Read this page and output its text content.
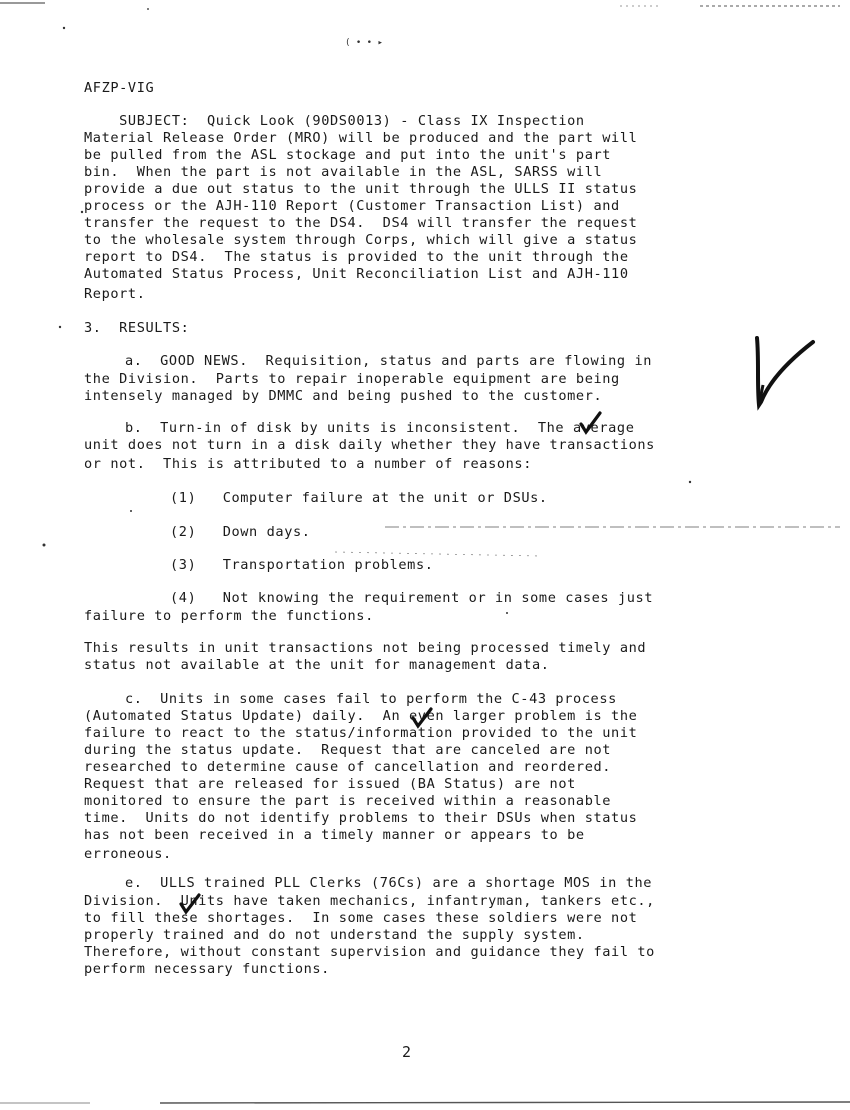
( • • ▸
AFZP-VIG

SUBJECT: Quick Look (90DS0013) - Class IX Inspection

Material Release Order (MRO) will be produced and the part will
be pulled from the ASL stockage and put into the unit's part
bin.  When the part is not available in the ASL, SARSS will
provide a due out status to the unit through the ULLS II status
process or the AJH-110 Report (Customer Transaction List) and
transfer the request to the DS4.  DS4 will transfer the request
to the wholesale system through Corps, which will give a status
report to DS4.  The status is provided to the unit through the
Automated Status Process, Unit Reconciliation List and AJH-110
Report.
3.  RESULTS:
a.  GOOD NEWS.  Requisition, status and parts are flowing in
the Division.  Parts to repair inoperable equipment are being
intensely managed by DMMC and being pushed to the customer.
b.  Turn-in of disk by units is inconsistent.  The average
unit does not turn in a disk daily whether they have transactions
or not.  This is attributed to a number of reasons:
(1)   Computer failure at the unit or DSUs.
(2)   Down days.
(3)   Transportation problems.
(4)   Not knowing the requirement or in some cases just
failure to perform the functions.
This results in unit transactions not being processed timely and
status not available at the unit for management data.
c.  Units in some cases fail to perform the C-43 process
(Automated Status Update) daily.  An even larger problem is the
failure to react to the status/information provided to the unit
during the status update.  Request that are canceled are not
researched to determine cause of cancellation and reordered.
Request that are released for issued (BA Status) are not
monitored to ensure the part is received within a reasonable
time.  Units do not identify problems to their DSUs when status
has not been received in a timely manner or appears to be
erroneous.
e.  ULLS trained PLL Clerks (76Cs) are a shortage MOS in the
Division.  Units have taken mechanics, infantryman, tankers etc.,
to fill these shortages.  In some cases these soldiers were not
properly trained and do not understand the supply system.
Therefore, without constant supervision and guidance they fail to
perform necessary functions.
2
